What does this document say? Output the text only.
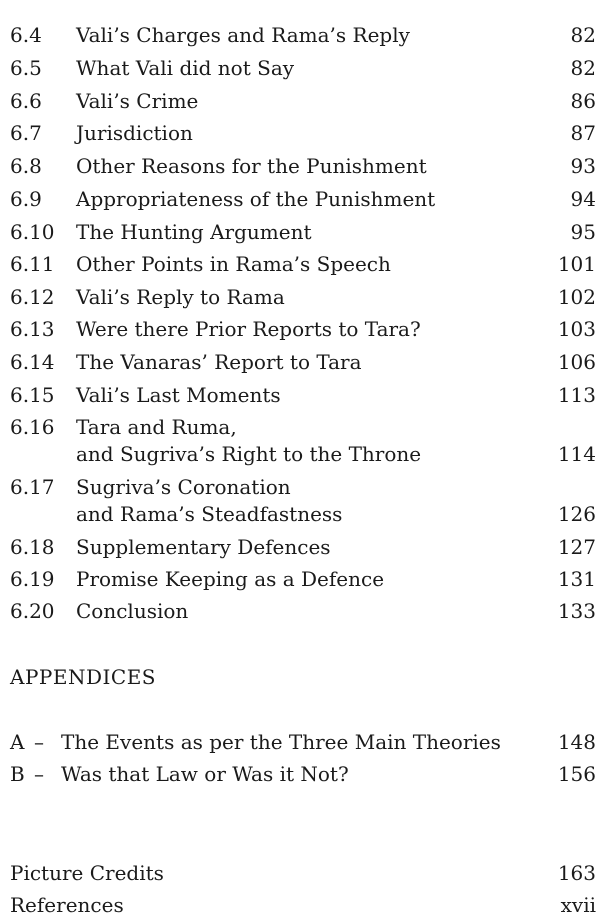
6.4 Vali’s Charges and Rama’s Reply	82
6.5 What Vali did not Say	82
6.6 Vali’s Crime	86
6.7 Jurisdiction	87
6.8 Other Reasons for the Punishment	93
6.9 Appropriateness of the Punishment	94
6.10 The Hunting Argument	95
6.11 Other Points in Rama’s Speech	101
6.12 Vali’s Reply to Rama	102
6.13 Were there Prior Reports to Tara?	103
6.14 The Vanaras’ Report to Tara	106
6.15 Vali’s Last Moments	113
6.16 Tara and Ruma,
and Sugriva’s Right to the Throne	114
6.17 Sugriva’s Coronation
and Rama’s Steadfastness	126
6.18 Supplementary Defences	127
6.19 Promise Keeping as a Defence	131
6.20 Conclusion	133
APPENDICES
A – The Events as per the Three Main Theories	148
B – Was that Law or Was it Not?	156
Picture Credits	163
References	xvii
